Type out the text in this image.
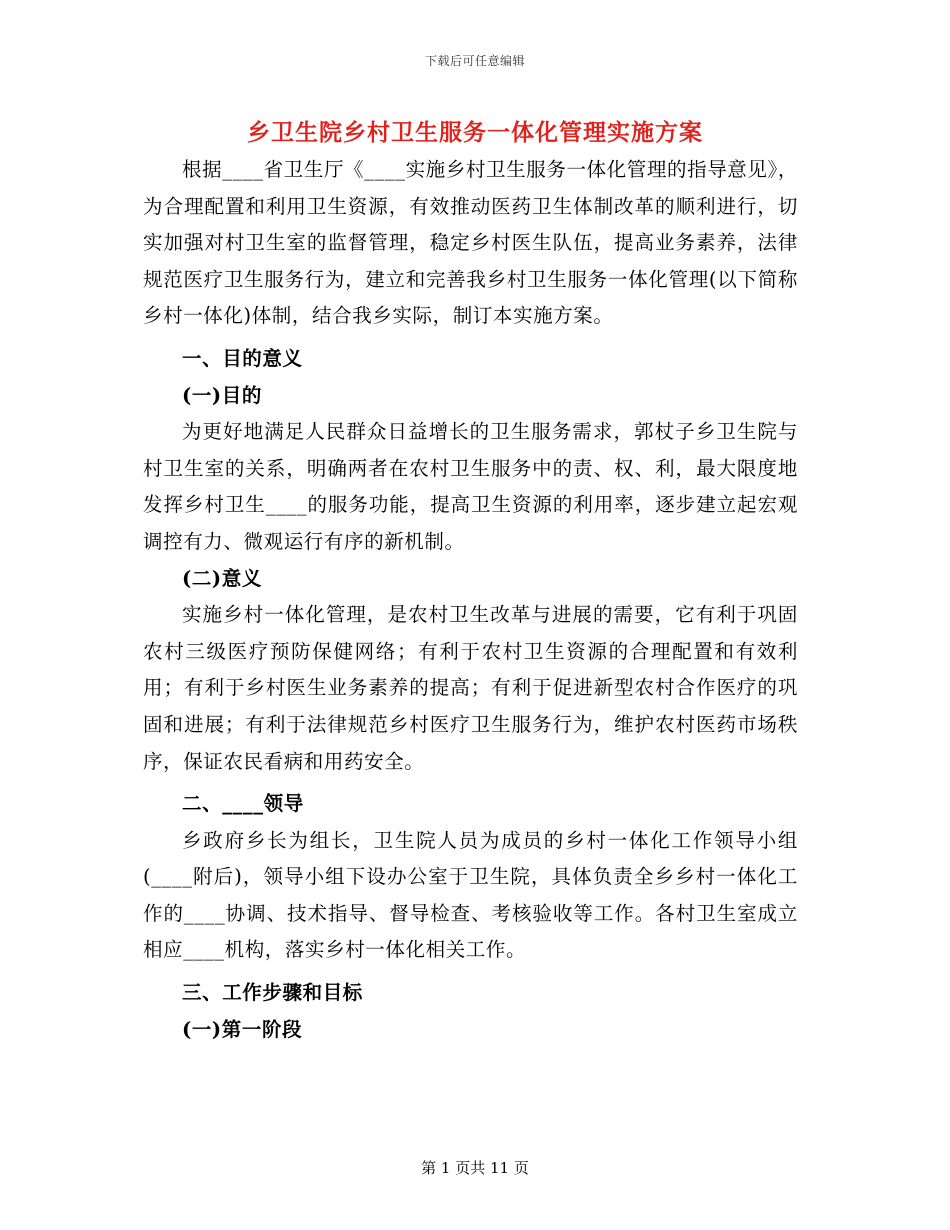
下载后可任意编辑
乡卫生院乡村卫生服务一体化管理实施方案

根据____省卫生厅《____实施乡村卫生服务一体化管理的指导意见》，为合理配置和利用卫生资源，有效推动医药卫生体制改革的顺利进行，切实加强对村卫生室的监督管理，稳定乡村医生队伍，提高业务素养，法律规范医疗卫生服务行为，建立和完善我乡村卫生服务一体化管理(以下简称乡村一体化)体制，结合我乡实际，制订本实施方案。

一、目的意义

(一)目的

为更好地满足人民群众日益增长的卫生服务需求，郭杖子乡卫生院与村卫生室的关系，明确两者在农村卫生服务中的责、权、利，最大限度地发挥乡村卫生____的服务功能，提高卫生资源的利用率，逐步建立起宏观调控有力、微观运行有序的新机制。

(二)意义

实施乡村一体化管理，是农村卫生改革与进展的需要，它有利于巩固农村三级医疗预防保健网络；有利于农村卫生资源的合理配置和有效利用；有利于乡村医生业务素养的提高；有利于促进新型农村合作医疗的巩固和进展；有利于法律规范乡村医疗卫生服务行为，维护农村医药市场秩序，保证农民看病和用药安全。

二、____领导

乡政府乡长为组长，卫生院人员为成员的乡村一体化工作领导小组(____附后)，领导小组下设办公室于卫生院，具体负责全乡乡村一体化工作的____协调、技术指导、督导检查、考核验收等工作。各村卫生室成立相应____机构，落实乡村一体化相关工作。

三、工作步骤和目标

(一)第一阶段

第 1 页共 11 页
